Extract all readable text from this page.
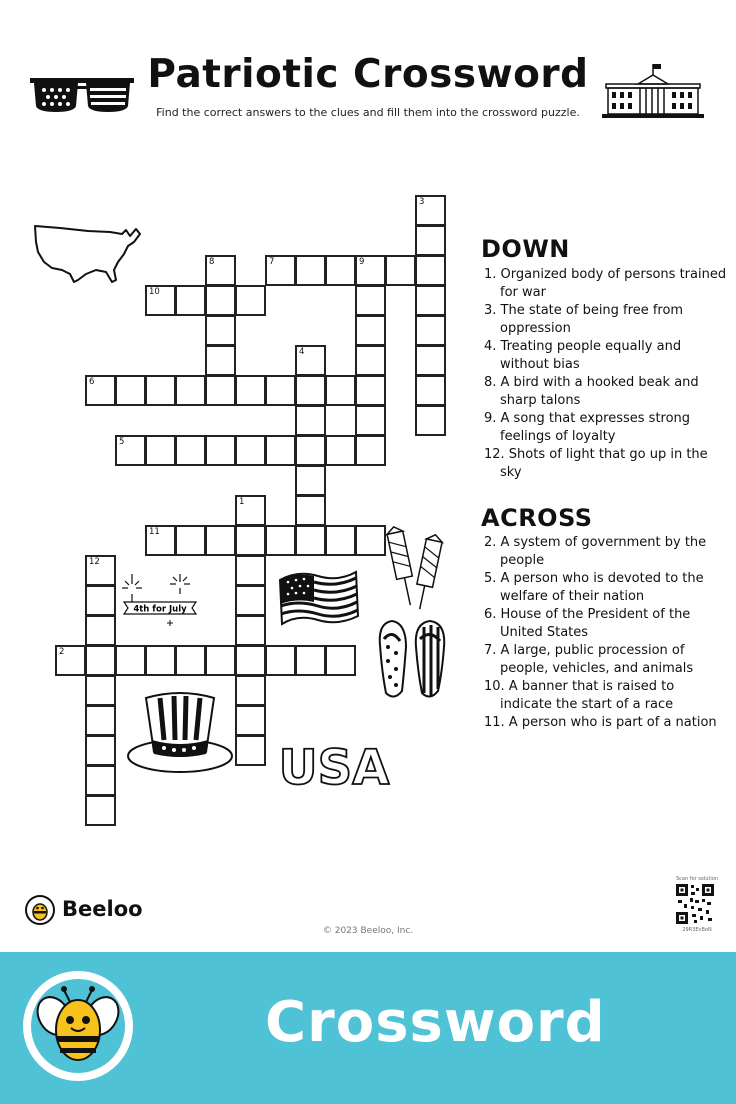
Patriotic Crossword
Find the correct answers to the clues and fill them into the crossword puzzle.
3
8	9
4
1
12
7
10
6
5
11
2
DOWN
1. Organized body of persons trained for war
3. The state of being free from oppression
4. Treating people equally and without bias
8. A bird with a hooked beak and sharp talons
9. A song that expresses strong feelings of loyalty
12. Shots of light that go up in the sky
ACROSS
2. A system of government by the people
5. A person who is devoted to the welfare of their nation
6. House of the President of the United States
7. A large, public procession of people, vehicles, and animals
10. A banner that is raised to indicate the start of a race
11. A person who is part of a nation
4th for July
USA
Beeloo
© 2023 Beeloo, Inc.
Scan for solution
29R3EvBoN
Crossword
